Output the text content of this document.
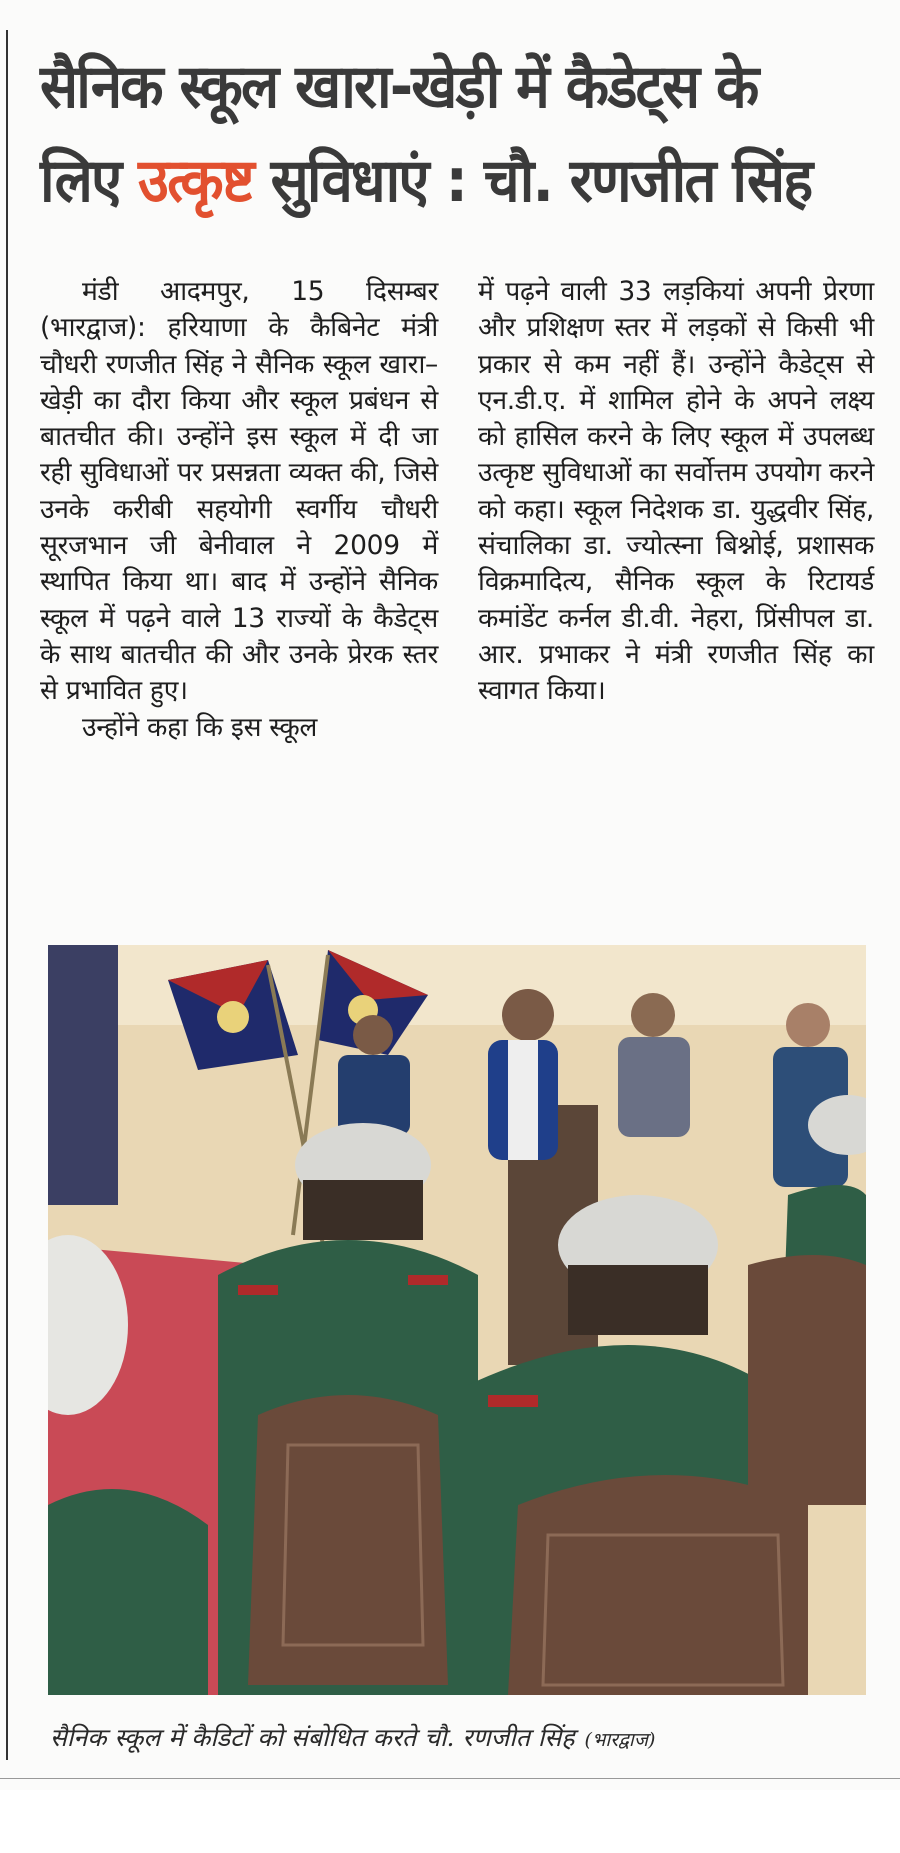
सैनिक स्कूल खारा-खेड़ी में कैडेट्स के
लिए उत्कृष्ट सुविधाएं : चौ. रणजीत सिंह

मंडी आदमपुर, 15 दिसम्बर (भारद्वाज): हरियाणा के कैबिनेट मंत्री चौधरी रणजीत सिंह ने सैनिक स्कूल खारा–खेड़ी का दौरा किया और स्कूल प्रबंधन से बातचीत की। उन्होंने इस स्कूल में दी जा रही सुविधाओं पर प्रसन्नता व्यक्त की, जिसे उनके करीबी सहयोगी स्वर्गीय चौधरी सूरजभान जी बेनीवाल ने 2009 में स्थापित किया था। बाद में उन्होंने सैनिक स्कूल में पढ़ने वाले 13 राज्यों के कैडेट्स के साथ बातचीत की और उनके प्रेरक स्तर से प्रभावित हुए।

उन्होंने कहा कि इस स्कूल

में पढ़ने वाली 33 लड़कियां अपनी प्रेरणा और प्रशिक्षण स्तर में लड़कों से किसी भी प्रकार से कम नहीं हैं। उन्होंने कैडेट्स से एन.डी.ए. में शामिल होने के अपने लक्ष्य को हासिल करने के लिए स्कूल में उपलब्ध उत्कृष्ट सुविधाओं का सर्वोत्तम उपयोग करने को कहा। स्कूल निदेशक डा. युद्धवीर सिंह, संचालिका डा. ज्योत्स्ना बिश्नोई, प्रशासक विक्रमादित्य, सैनिक स्कूल के रिटायर्ड कमांडेंट कर्नल डी.वी. नेहरा, प्रिंसीपल डा. आर. प्रभाकर ने मंत्री रणजीत सिंह का स्वागत किया।

सैनिक स्कूल में कैडिटों को संबोधित करते चौ. रणजीत सिंह (भारद्वाज)
